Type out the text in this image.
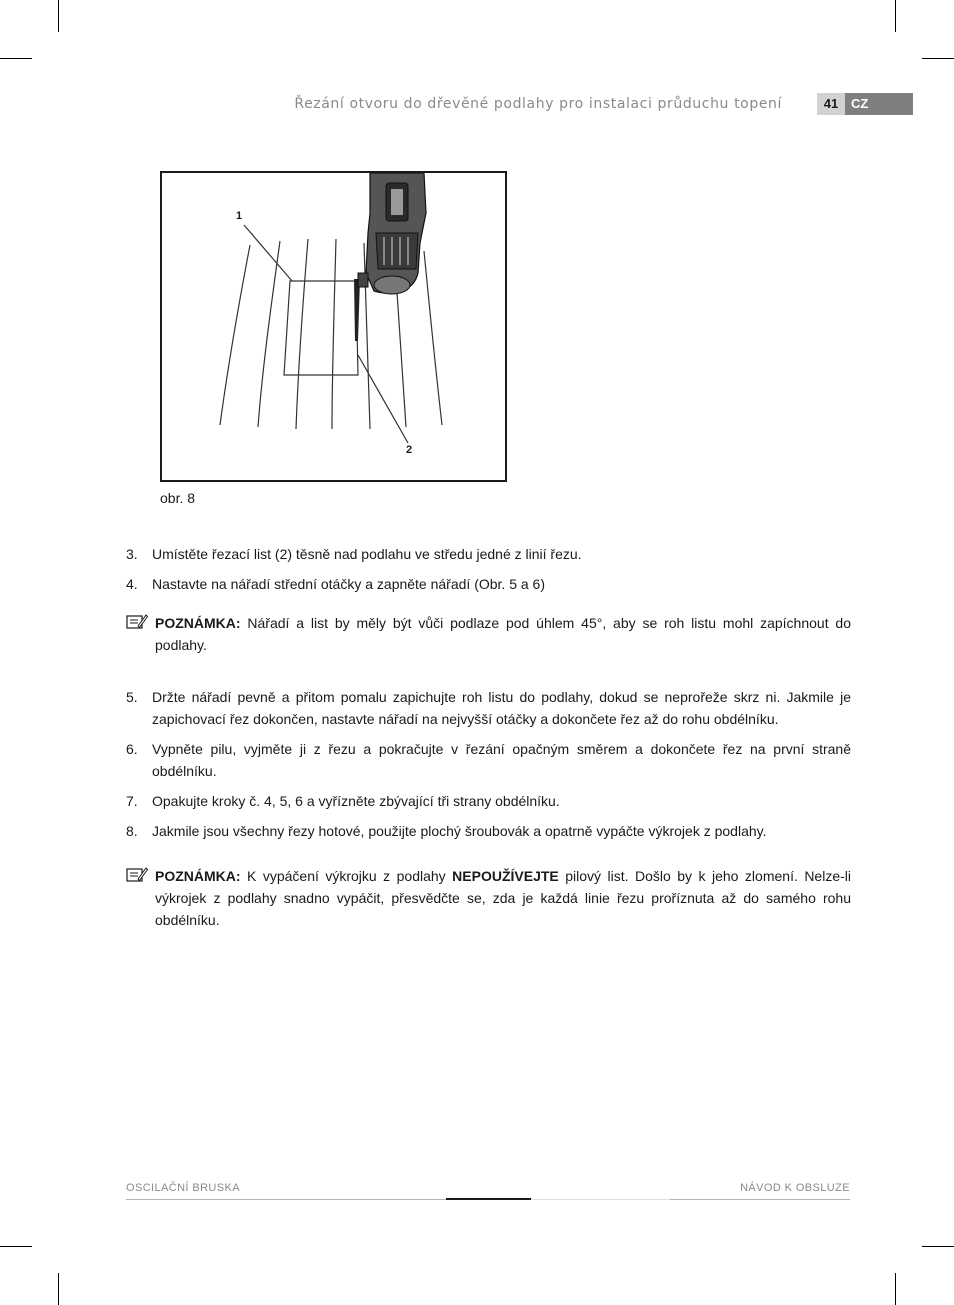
Řezání otvoru do dřevěné podlahy pro instalaci průduchu topení	41 CZ
1
2
obr. 8
3.	Umístěte řezací list (2) těsně nad podlahu ve středu jedné z linií řezu.
4.	Nastavte na nářadí střední otáčky a zapněte nářadí (Obr. 5 a 6)
POZNÁMKA: Nářadí a list by měly být vůči podlaze pod úhlem 45°, aby se roh listu mohl zapíchnout do podlahy.
5.	Držte nářadí pevně a přitom pomalu zapichujte roh listu do podlahy, dokud se neprořeže skrz ni. Jakmile je zapichovací řez dokončen, nastavte nářadí na nejvyšší otáčky a dokončete řez až do rohu obdélníku.
6.	Vypněte pilu, vyjměte ji z řezu a pokračujte v řezání opačným směrem a dokončete řez na první straně obdélníku.
7.	Opakujte kroky č. 4, 5, 6 a vyřízněte zbývající tři strany obdélníku.
8.	Jakmile jsou všechny řezy hotové, použijte plochý šroubovák a opatrně vypáčte výkrojek z podlahy.
POZNÁMKA: K vypáčení výkrojku z podlahy NEPOUŽÍVEJTE pilový list. Došlo by k jeho zlomení. Nelze-li výkrojek z podlahy snadno vypáčit, přesvědčte se, zda je každá linie řezu proříznuta až do samého rohu obdélníku.
OSCILAČNÍ BRUSKA	NÁVOD K OBSLUZE
